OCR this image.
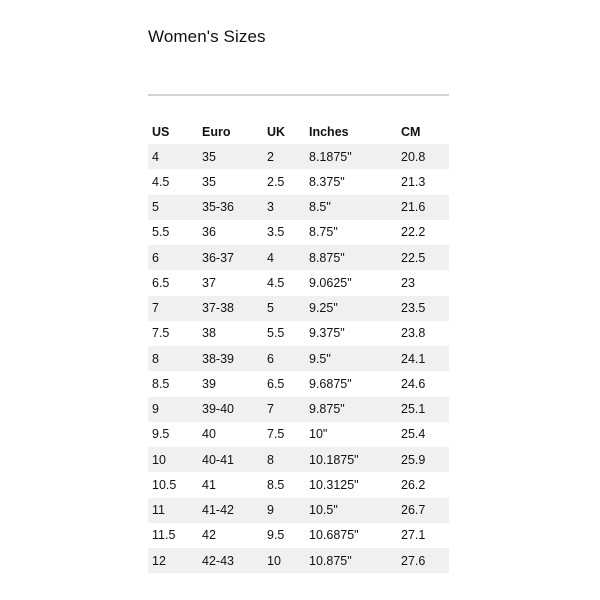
Women's Sizes
US	Euro	UK	Inches	CM
4	35	2	8.1875"	20.8
4.5	35	2.5	8.375"	21.3
5	35-36	3	8.5"	21.6
5.5	36	3.5	8.75"	22.2
6	36-37	4	8.875"	22.5
6.5	37	4.5	9.0625"	23
7	37-38	5	9.25"	23.5
7.5	38	5.5	9.375"	23.8
8	38-39	6	9.5"	24.1
8.5	39	6.5	9.6875"	24.6
9	39-40	7	9.875"	25.1
9.5	40	7.5	10"	25.4
10	40-41	8	10.1875"	25.9
10.5	41	8.5	10.3125"	26.2
11	41-42	9	10.5"	26.7
11.5	42	9.5	10.6875"	27.1
12	42-43	10	10.875"	27.6
